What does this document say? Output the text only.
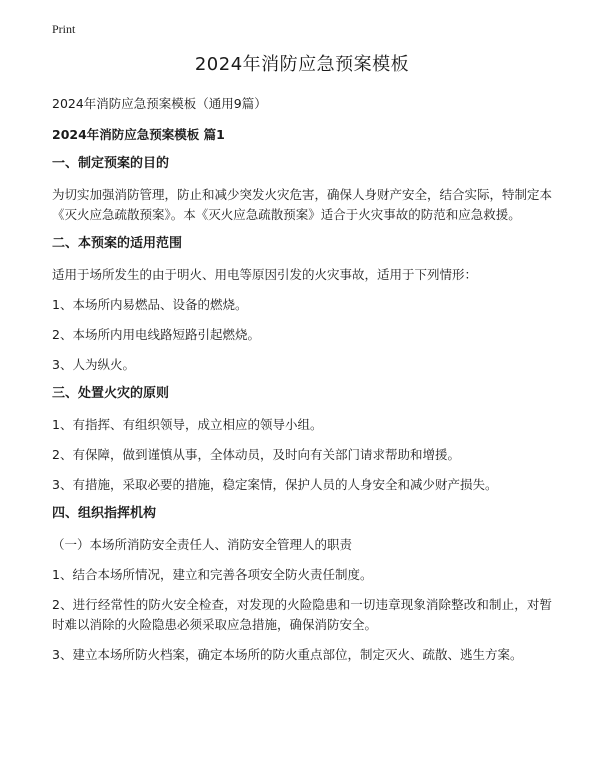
Print
2024年消防应急预案模板
2024年消防应急预案模板（通用9篇）
2024年消防应急预案模板 篇1
一、制定预案的目的

为切实加强消防管理，防止和减少突发火灾危害，确保人身财产安全，结合实际，特制定本《灭火应急疏散预案》。本《灭火应急疏散预案》适合于火灾事故的防范和应急救援。

二、本预案的适用范围

适用于场所发生的由于明火、用电等原因引发的火灾事故，适用于下列情形：

1、本场所内易燃品、设备的燃烧。

2、本场所内用电线路短路引起燃烧。

3、人为纵火。

三、处置火灾的原则

1、有指挥、有组织领导，成立相应的领导小组。

2、有保障，做到谨慎从事，全体动员，及时向有关部门请求帮助和增援。

3、有措施，采取必要的措施，稳定案情，保护人员的人身安全和减少财产损失。

四、组织指挥机构

（一）本场所消防安全责任人、消防安全管理人的职责

1、结合本场所情况，建立和完善各项安全防火责任制度。

2、进行经常性的防火安全检查，对发现的火险隐患和一切违章现象消除整改和制止，对暂时难以消除的火险隐患必须采取应急措施，确保消防安全。

3、建立本场所防火档案，确定本场所的防火重点部位，制定灭火、疏散、逃生方案。
